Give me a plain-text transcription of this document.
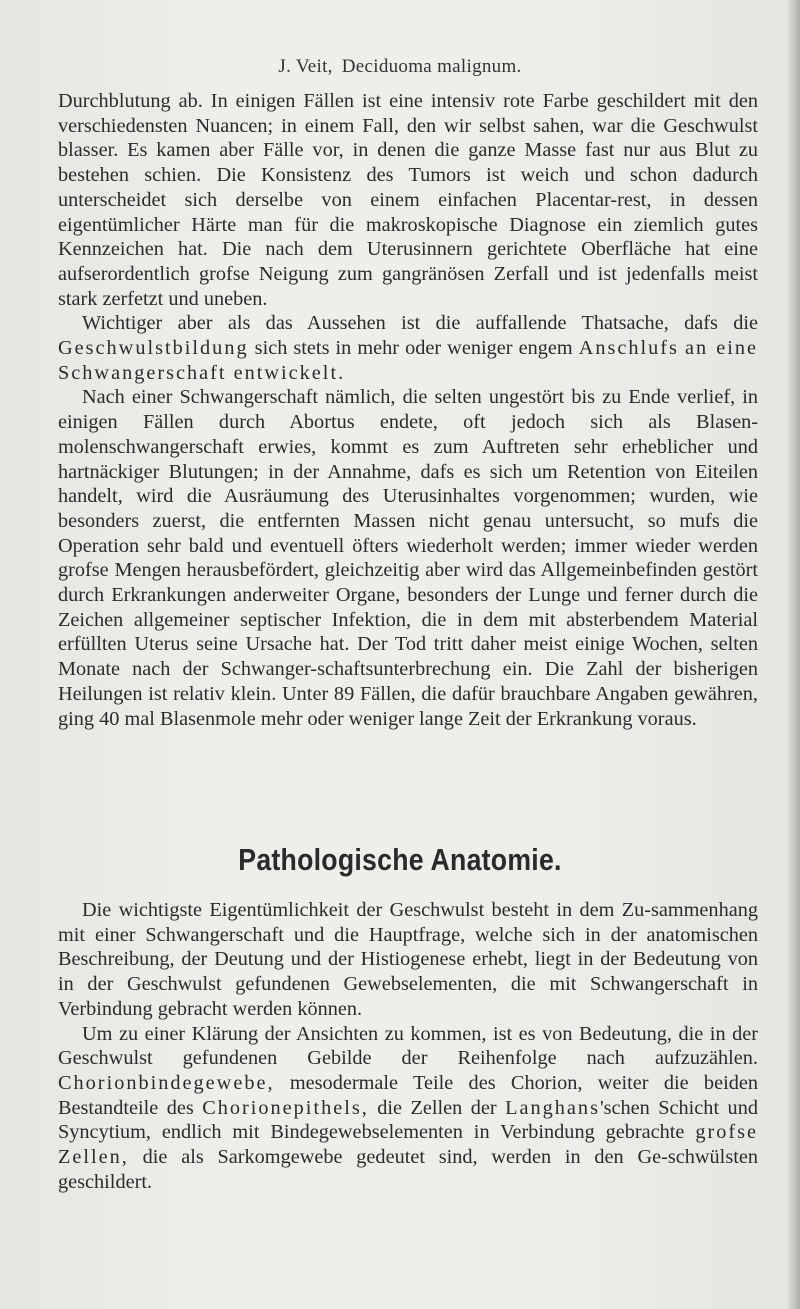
J. Veit, Deciduoma malignum.

Durchblutung ab. In einigen Fällen ist eine intensiv rote Farbe geschildert mit den verschiedensten Nuancen; in einem Fall, den wir selbst sahen, war die Geschwulst blasser. Es kamen aber Fälle vor, in denen die ganze Masse fast nur aus Blut zu bestehen schien. Die Konsistenz des Tumors ist weich und schon dadurch unterscheidet sich derselbe von einem einfachen Placentar-rest, in dessen eigentümlicher Härte man für die makroskopische Diagnose ein ziemlich gutes Kennzeichen hat. Die nach dem Uterusinnern gerichtete Oberfläche hat eine aufserordentlich grofse Neigung zum gangränösen Zerfall und ist jedenfalls meist stark zerfetzt und uneben.

Wichtiger aber als das Aussehen ist die auffallende Thatsache, dafs die Geschwulstbildung sich stets in mehr oder weniger engem Anschlufs an eine Schwangerschaft entwickelt.

Nach einer Schwangerschaft nämlich, die selten ungestört bis zu Ende verlief, in einigen Fällen durch Abortus endete, oft jedoch sich als Blasen-molenschwangerschaft erwies, kommt es zum Auftreten sehr erheblicher und hartnäckiger Blutungen; in der Annahme, dafs es sich um Retention von Eiteilen handelt, wird die Ausräumung des Uterusinhaltes vorgenommen; wurden, wie besonders zuerst, die entfernten Massen nicht genau untersucht, so mufs die Operation sehr bald und eventuell öfters wiederholt werden; immer wieder werden grofse Mengen herausbefördert, gleichzeitig aber wird das Allgemeinbefinden gestört durch Erkrankungen anderweiter Organe, besonders der Lunge und ferner durch die Zeichen allgemeiner septischer Infektion, die in dem mit absterbendem Material erfüllten Uterus seine Ursache hat. Der Tod tritt daher meist einige Wochen, selten Monate nach der Schwanger-schaftsunterbrechung ein. Die Zahl der bisherigen Heilungen ist relativ klein. Unter 89 Fällen, die dafür brauchbare Angaben gewähren, ging 40 mal Blasenmole mehr oder weniger lange Zeit der Erkrankung voraus.

Pathologische Anatomie.

Die wichtigste Eigentümlichkeit der Geschwulst besteht in dem Zu-sammenhang mit einer Schwangerschaft und die Hauptfrage, welche sich in der anatomischen Beschreibung, der Deutung und der Histiogenese erhebt, liegt in der Bedeutung von in der Geschwulst gefundenen Gewebselementen, die mit Schwangerschaft in Verbindung gebracht werden können.

Um zu einer Klärung der Ansichten zu kommen, ist es von Bedeutung, die in der Geschwulst gefundenen Gebilde der Reihenfolge nach aufzuzählen. Chorionbindegewebe, mesodermale Teile des Chorion, weiter die beiden Bestandteile des Chorionepithels, die Zellen der Langhans'schen Schicht und Syncytium, endlich mit Bindegewebselementen in Verbindung gebrachte grofse Zellen, die als Sarkomgewebe gedeutet sind, werden in den Ge-schwülsten geschildert.
